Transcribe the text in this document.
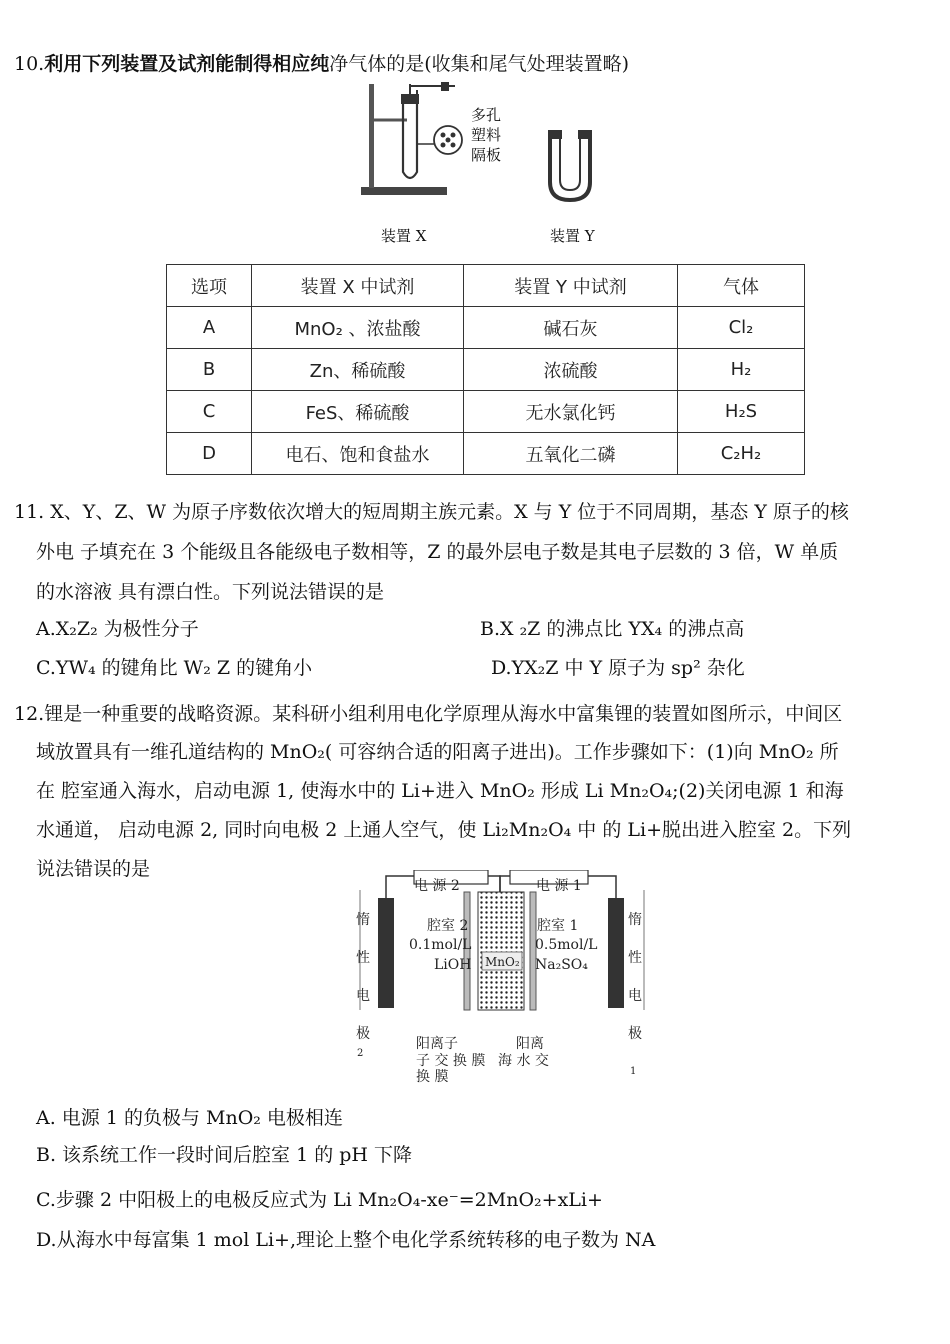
10.利用下列装置及试剂能制得相应纯净气体的是(收集和尾气处理装置略)
多孔
塑料
隔板
装置 X	装置 Y
选项	装置 X 中试剂	装置 Y 中试剂	气体
A	MnO₂ 、浓盐酸	碱石灰	Cl₂
B	Zn、稀硫酸	浓硫酸	H₂
C	FeS、稀硫酸	无水氯化钙	H₂S
D	电石、饱和食盐水	五氧化二磷	C₂H₂
11. X、Y、Z、W 为原子序数依次增大的短周期主族元素。X 与 Y 位于不同周期，基态 Y 原子的核
外电 子填充在 3 个能级且各能级电子数相等，Z 的最外层电子数是其电子层数的 3 倍，W 单质
的水溶液 具有漂白性。下列说法错误的是
A.X₂Z₂ 为极性分子	B.X ₂Z 的沸点比 YX₄ 的沸点高
C.YW₄ 的键角比 W₂ Z 的键角小	D.YX₂Z 中 Y 原子为 sp² 杂化
12.锂是一种重要的战略资源。某科研小组利用电化学原理从海水中富集锂的装置如图所示，中间区
域放置具有一维孔道结构的 MnO₂( 可容纳合适的阳离子进出)。工作步骤如下：(1)向 MnO₂ 所
在 腔室通入海水，启动电源 1, 使海水中的 Li+进入 MnO₂ 形成 Li Mn₂O₄;(2)关闭电源 1 和海
水通道， 启动电源 2, 同时向电极 2 上通人空气，使 Li₂Mn₂O₄ 中 的 Li+脱出进入腔室 2。下列
说法错误的是
电 源 2	电 源 1
腔室 2
0.1mol/L
LiOH MnO₂
腔室 1
0.5mol/L
Na₂SO₄
惰
性
电
极
2
惰
性
电
极
1
阳离子
子 交 换 膜
换 膜
阳离
海 水 交
A. 电源 1 的负极与 MnO₂ 电极相连
B. 该系统工作一段时间后腔室 1 的 pH 下降
C.步骤 2 中阳极上的电极反应式为 Li Mn₂O₄-xe⁻=2MnO₂+xLi+
D.从海水中每富集 1 mol Li+,理论上整个电化学系统转移的电子数为 NA
